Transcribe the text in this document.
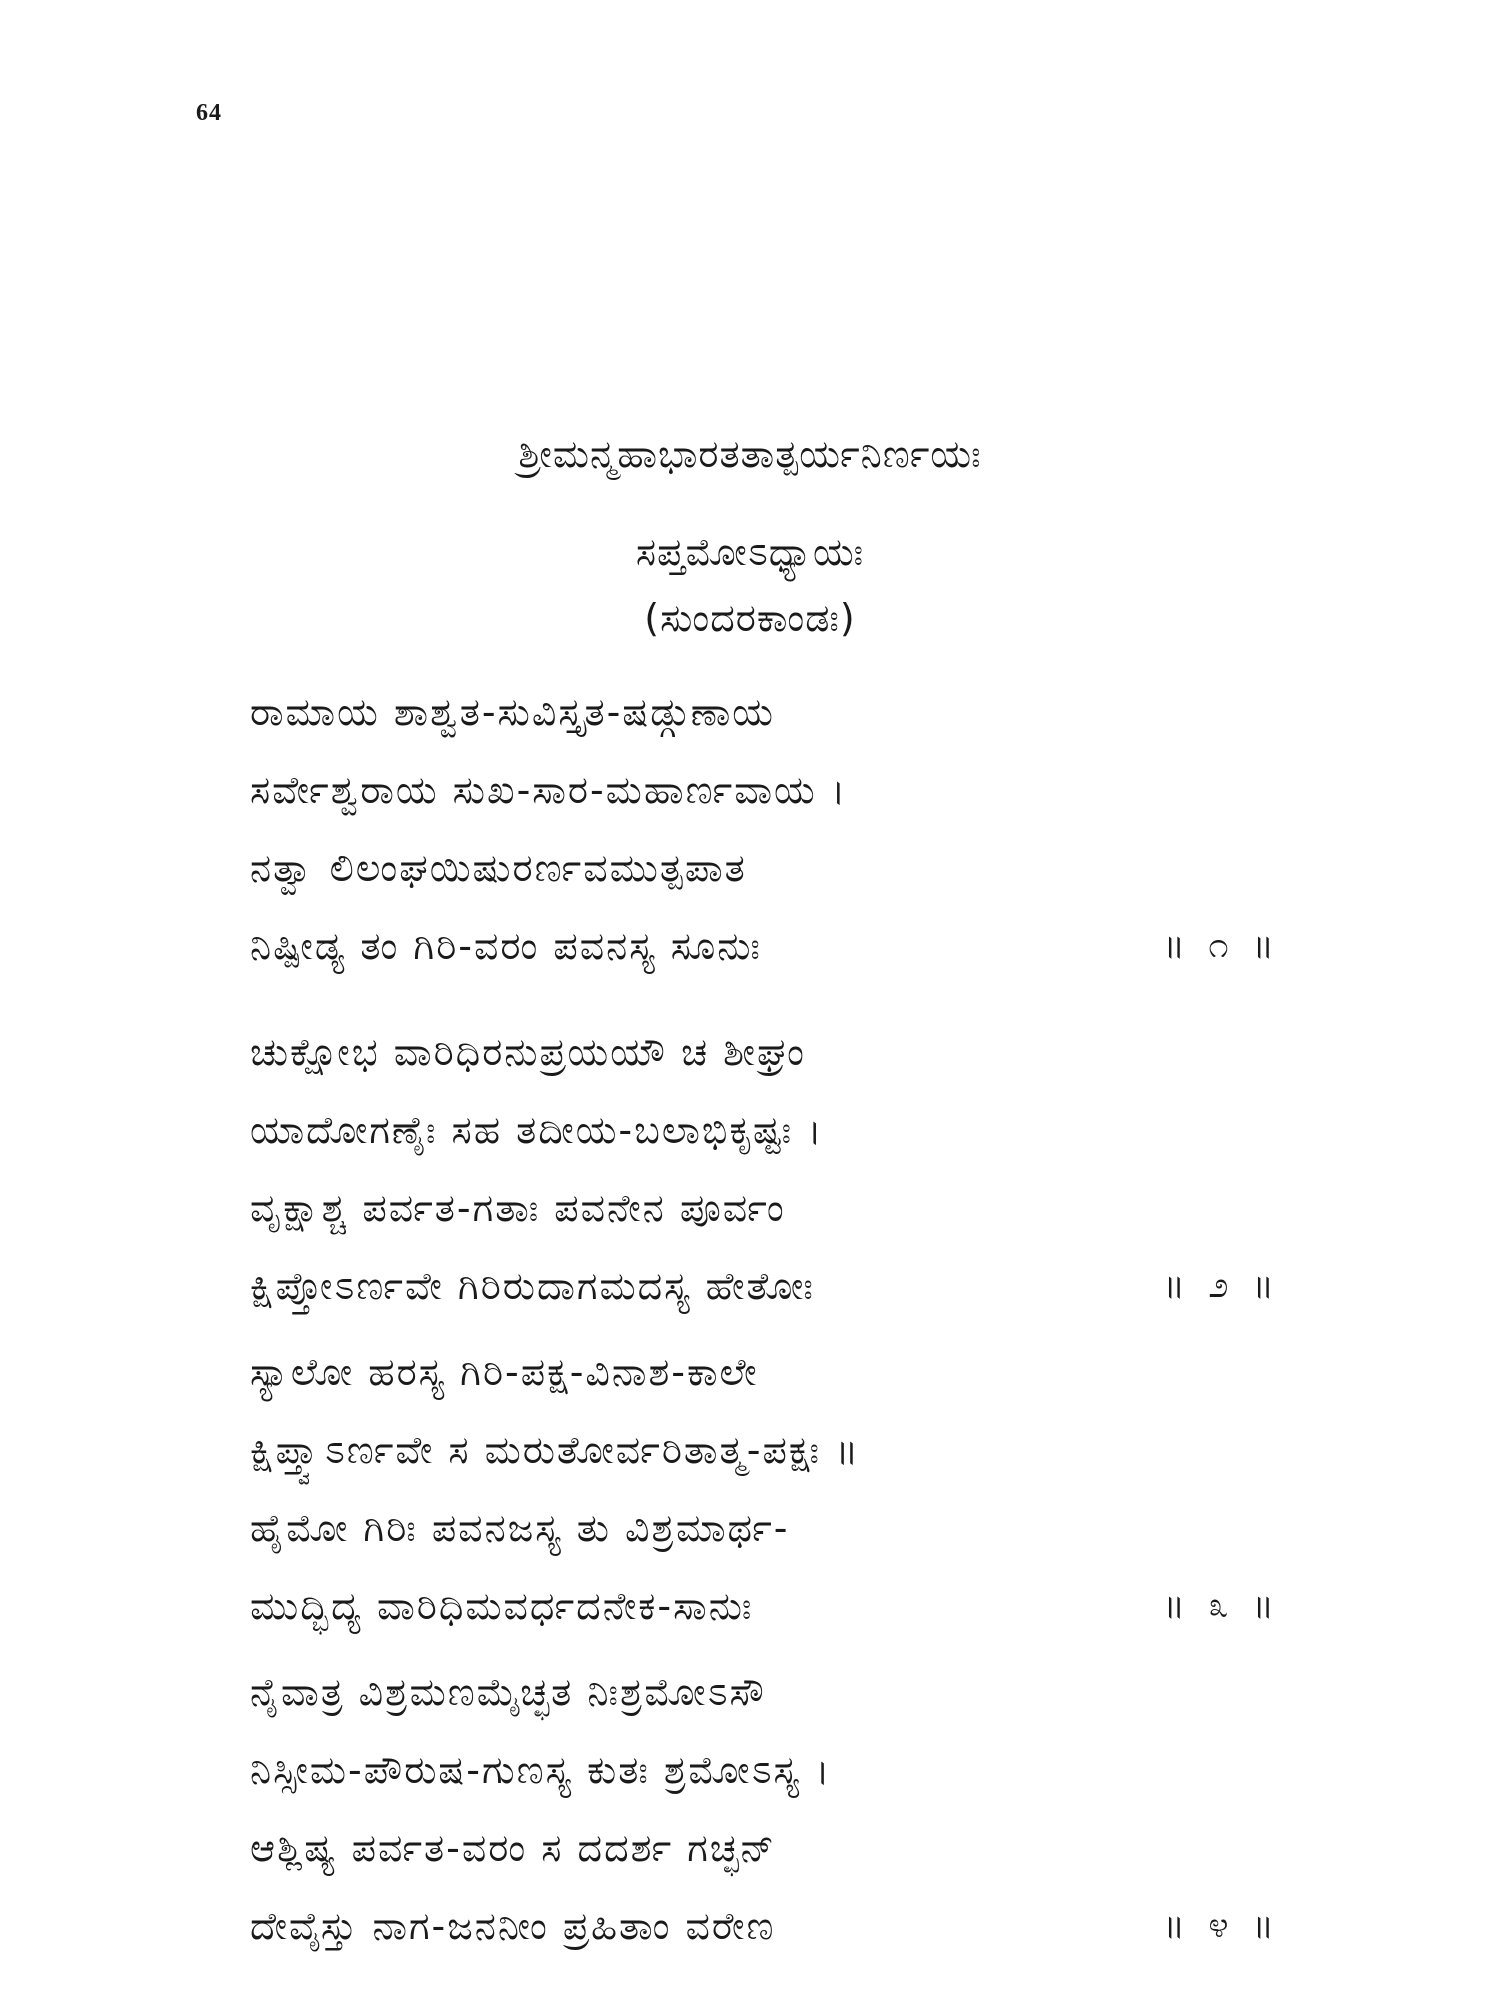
64
ಶ್ರೀಮನ್ಮಹಾಭಾರತತಾತ್ಪರ್ಯನಿರ್ಣಯಃ
ಸಪ್ತಮೋಽಧ್ಯಾಯಃ
(ಸುಂದರಕಾಂಡಃ)
ರಾಮಾಯ ಶಾಶ್ವತ-ಸುವಿಸ್ತೃತ-ಷಡ್ಗುಣಾಯ
ಸರ್ವೇಶ್ವರಾಯ ಸುಖ-ಸಾರ-ಮಹಾರ್ಣವಾಯ ।
ನತ್ವಾ ಲಿಲಂಘಯಿಷುರರ್ಣವಮುತ್ಪಪಾತ
ನಿಷ್ಪೀಡ್ಯ ತಂ ಗಿರಿ-ವರಂ ಪವನಸ್ಯ ಸೂನುಃ	॥ ೧ ॥
ಚುಕ್ಷೋಭ ವಾರಿಧಿರನುಪ್ರಯಯೌ ಚ ಶೀಘ್ರಂ
ಯಾದೋಗಣೈಃ ಸಹ ತದೀಯ-ಬಲಾಭಿಕೃಷ್ಟಃ ।
ವೃಕ್ಷಾಶ್ಚ ಪರ್ವತ-ಗತಾಃ ಪವನೇನ ಪೂರ್ವಂ
ಕ್ಷಿಪ್ತೋಽರ್ಣವೇ ಗಿರಿರುದಾಗಮದಸ್ಯ ಹೇತೋಃ	॥ ೨ ॥
ಸ್ಯಾಲೋ ಹರಸ್ಯ ಗಿರಿ-ಪಕ್ಷ-ವಿನಾಶ-ಕಾಲೇ
ಕ್ಷಿಪ್ತ್ವಾಽರ್ಣವೇ ಸ ಮರುತೋರ್ವರಿತಾತ್ಮ-ಪಕ್ಷಃ ॥
ಹೈಮೋ ಗಿರಿಃ ಪವನಜಸ್ಯ ತು ವಿಶ್ರಮಾರ್ಥ-
ಮುದ್ಭಿದ್ಯ ವಾರಿಧಿಮವರ್ಧದನೇಕ-ಸಾನುಃ	॥ ೩ ॥
ನೈವಾತ್ರ ವಿಶ್ರಮಣಮೈಚ್ಛತ ನಿಃಶ್ರಮೋಽಸೌ
ನಿಸ್ಸೀಮ-ಪೌರುಷ-ಗುಣಸ್ಯ ಕುತಃ ಶ್ರಮೋಽಸ್ಯ ।
ಆಶ್ಲಿಷ್ಯ ಪರ್ವತ-ವರಂ ಸ ದದರ್ಶ ಗಚ್ಛನ್
ದೇವೈಸ್ತು ನಾಗ-ಜನನೀಂ ಪ್ರಹಿತಾಂ ವರೇಣ	॥ ೪ ॥
